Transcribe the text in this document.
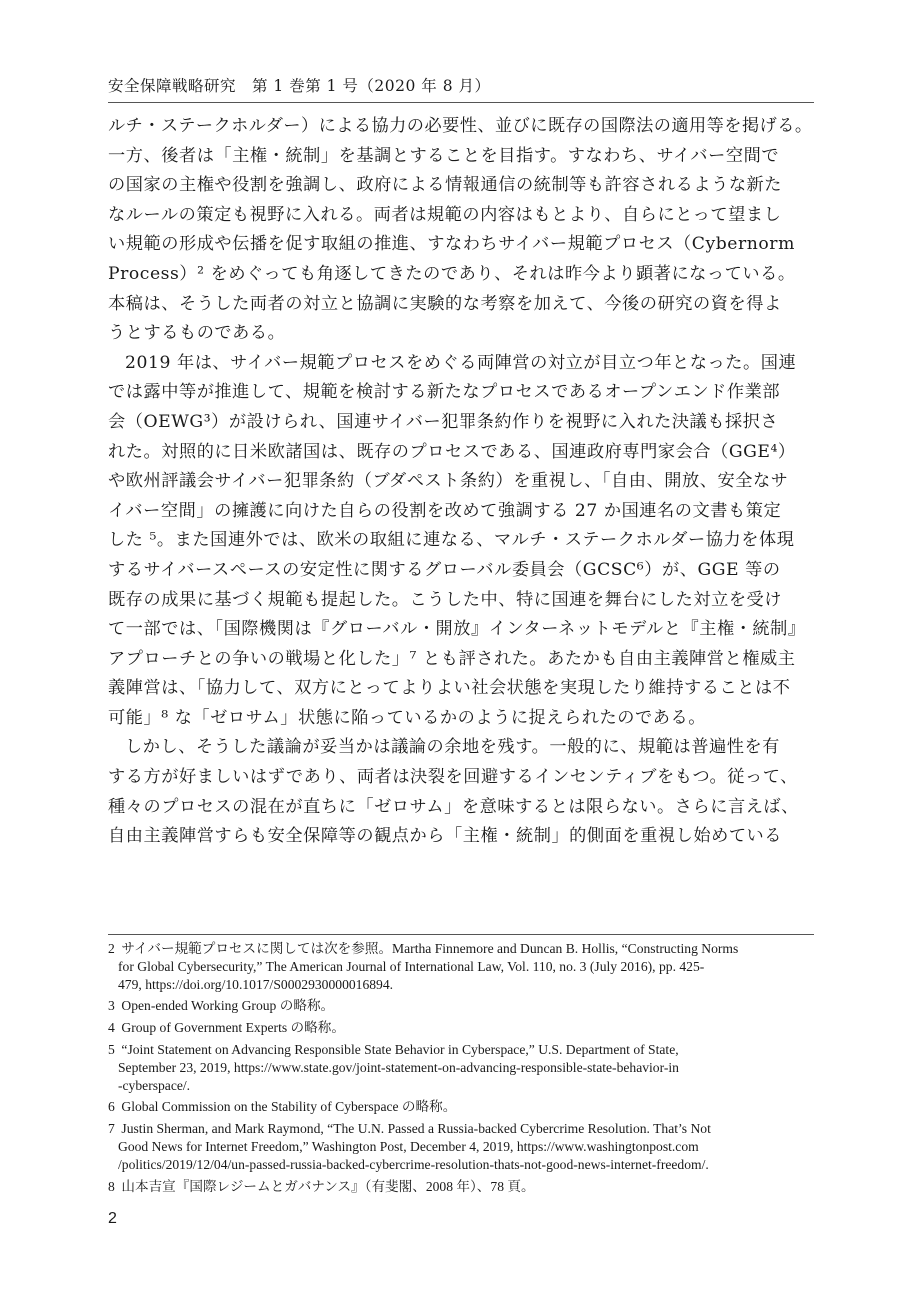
安全保障戦略研究　第 1 巻第 1 号（2020 年 8 月）
ルチ・ステークホルダー）による協力の必要性、並びに既存の国際法の適用等を掲げる。
一方、後者は「主権・統制」を基調とすることを目指す。すなわち、サイバー空間で
の国家の主権や役割を強調し、政府による情報通信の統制等も許容されるような新た
なルールの策定も視野に入れる。両者は規範の内容はもとより、自らにとって望まし
い規範の形成や伝播を促す取組の推進、すなわちサイバー規範プロセス（Cybernorm
Process）² をめぐっても角逐してきたのであり、それは昨今より顕著になっている。
本稿は、そうした両者の対立と協調に実験的な考察を加えて、今後の研究の資を得よ
うとするものである。
2019 年は、サイバー規範プロセスをめぐる両陣営の対立が目立つ年となった。国連
では露中等が推進して、規範を検討する新たなプロセスであるオープンエンド作業部
会（OEWG³）が設けられ、国連サイバー犯罪条約作りを視野に入れた決議も採択さ
れた。対照的に日米欧諸国は、既存のプロセスである、国連政府専門家会合（GGE⁴）
や欧州評議会サイバー犯罪条約（ブダペスト条約）を重視し、「自由、開放、安全なサ
イバー空間」の擁護に向けた自らの役割を改めて強調する 27 か国連名の文書も策定
した ⁵。また国連外では、欧米の取組に連なる、マルチ・ステークホルダー協力を体現
するサイバースペースの安定性に関するグローバル委員会（GCSC⁶）が、GGE 等の
既存の成果に基づく規範も提起した。こうした中、特に国連を舞台にした対立を受け
て一部では、「国際機関は『グローバル・開放』インターネットモデルと『主権・統制』
アプローチとの争いの戦場と化した」⁷ とも評された。あたかも自由主義陣営と権威主
義陣営は、「協力して、双方にとってよりよい社会状態を実現したり維持することは不
可能」⁸ な「ゼロサム」状態に陥っているかのように捉えられたのである。
しかし、そうした議論が妥当かは議論の余地を残す。一般的に、規範は普遍性を有
する方が好ましいはずであり、両者は決裂を回避するインセンティブをもつ。従って、
種々のプロセスの混在が直ちに「ゼロサム」を意味するとは限らない。さらに言えば、
自由主義陣営すらも安全保障等の観点から「主権・統制」的側面を重視し始めている
2 サイバー規範プロセスに関しては次を参照。Martha Finnemore and Duncan B. Hollis, “Constructing Norms
for Global Cybersecurity,” The American Journal of International Law, Vol. 110, no. 3 (July 2016), pp. 425-
479, https://doi.org/10.1017/S0002930000016894.
3 Open-ended Working Group の略称。
4 Group of Government Experts の略称。
5 “Joint Statement on Advancing Responsible State Behavior in Cyberspace,” U.S. Department of State,
September 23, 2019, https://www.state.gov/joint-statement-on-advancing-responsible-state-behavior-in
-cyberspace/.
6 Global Commission on the Stability of Cyberspace の略称。
7 Justin Sherman, and Mark Raymond, “The U.N. Passed a Russia-backed Cybercrime Resolution. That’s Not
Good News for Internet Freedom,” Washington Post, December 4, 2019, https://www.washingtonpost.com
/politics/2019/12/04/un-passed-russia-backed-cybercrime-resolution-thats-not-good-news-internet-freedom/.
8 山本吉宣『国際レジームとガバナンス』（有斐閣、2008 年）、78 頁。
2
